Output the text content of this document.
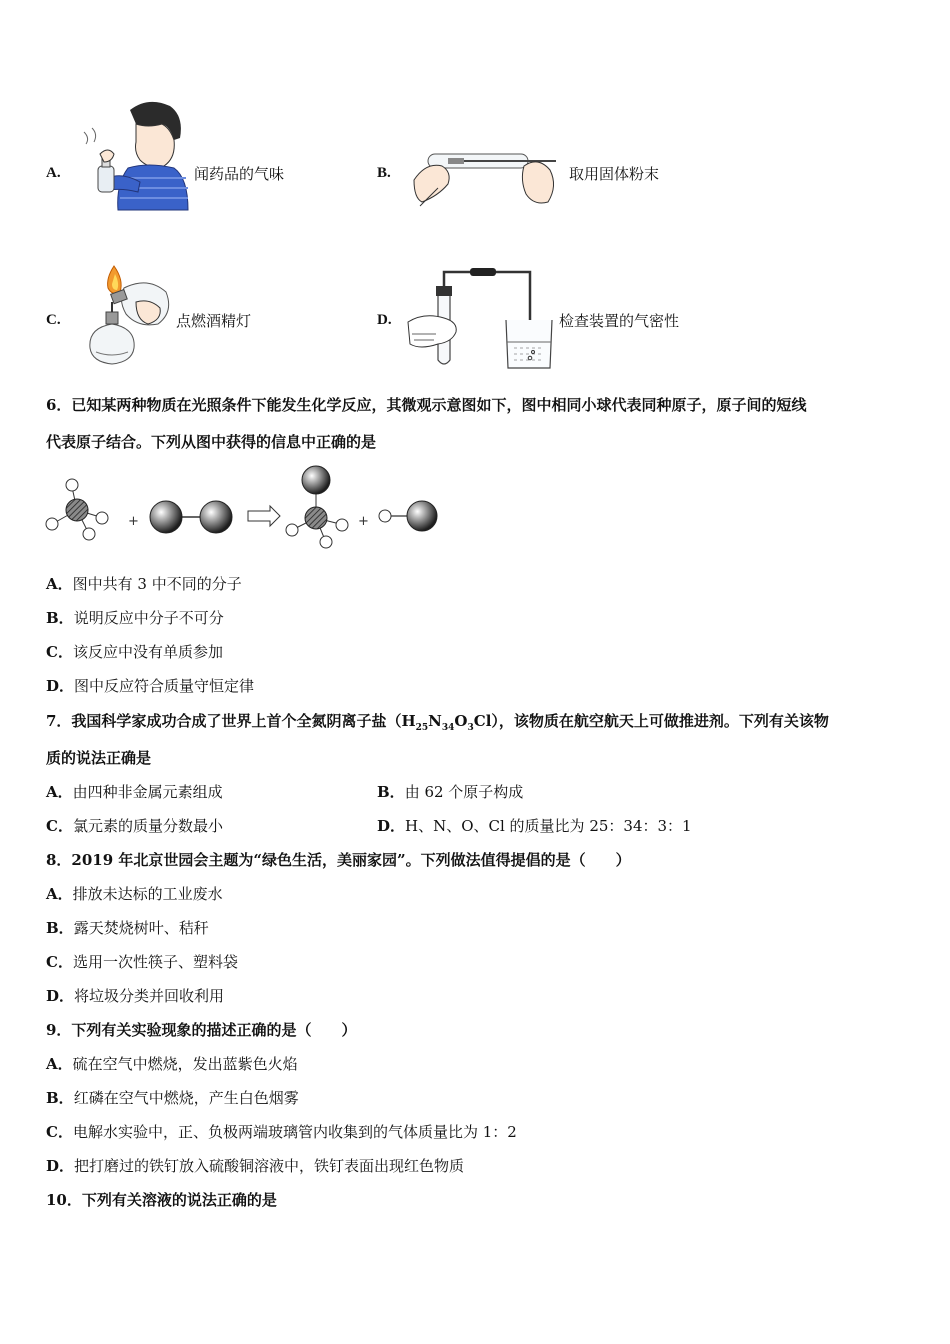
A.	闻药品的气味	B.	取用固体粉末
C.	点燃酒精灯	D.	检查装置的气密性
6．已知某两种物质在光照条件下能发生化学反应，其微观示意图如下，图中相同小球代表同种原子，原子间的短线
代表原子结合。下列从图中获得的信息中正确的是
+	+
A．图中共有 3 中不同的分子
B．说明反应中分子不可分
C．该反应中没有单质参加
D．图中反应符合质量守恒定律
7．我国科学家成功合成了世界上首个全氮阴离子盐$(H_{25}N_{34}O_3Cl)$，该物质在航空航天上可做推进剂。下列有关该物
质的说法正确是
A．由四种非金属元素组成	B．由 62 个原子构成
C．氯元素的质量分数最小	D．H、N、O、Cl 的质量比为 25：34：3：1
8．2019 年北京世园会主题为“绿色生活，美丽家园”。下列做法值得提倡的是（　　）
A．排放未达标的工业废水
B．露天焚烧树叶、秸秆
C．选用一次性筷子、塑料袋
D．将垃圾分类并回收利用
9．下列有关实验现象的描述正确的是（　　）
A．硫在空气中燃烧，发出蓝紫色火焰
B．红磷在空气中燃烧，产生白色烟雾
C．电解水实验中，正、负极两端玻璃管内收集到的气体质量比为 1：2
D．把打磨过的铁钉放入硫酸铜溶液中，铁钉表面出现红色物质
10．下列有关溶液的说法正确的是
